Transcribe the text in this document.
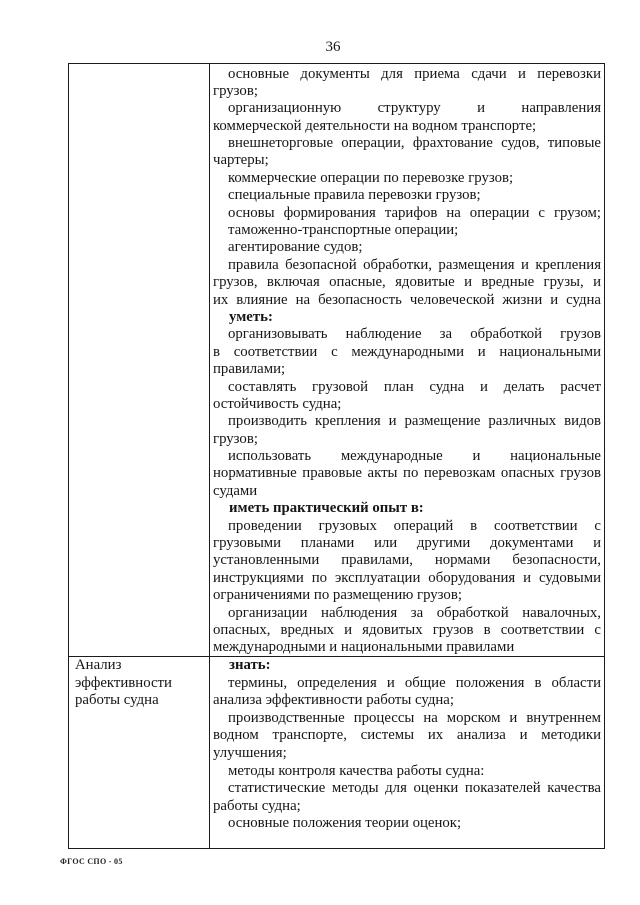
36
основные документы для приема сдачи и перевозки
грузов;
организационную структуру и направления
коммерческой деятельности на водном транспорте;
внешнеторговые операции, фрахтование судов, типовые
чартеры;
коммерческие операции по перевозке грузов;
специальные правила перевозки грузов;
основы формирования тарифов на операции с грузом;
таможенно-транспортные операции;
агентирование судов;
правила безопасной обработки, размещения и крепления
грузов, включая опасные, ядовитые и вредные грузы, и
их влияние на безопасность человеческой жизни и судна
уметь:
организовывать наблюдение за обработкой грузов
в соответствии с международными и национальными
правилами;
составлять грузовой план судна и делать расчет
остойчивость судна;
производить крепления и размещение различных видов
грузов;
использовать международные и национальные
нормативные правовые акты по перевозкам опасных грузов
судами
иметь практический опыт в:
проведении грузовых операций в соответствии с
грузовыми планами или другими документами и
установленными правилами, нормами безопасности,
инструкциями по эксплуатации оборудования и судовыми
ограничениями по размещению грузов;
организации наблюдения за обработкой навалочных,
опасных, вредных и ядовитых грузов в соответствии с
международными и национальными правилами
Анализ эффективности работы судна
знать:
термины, определения и общие положения в области
анализа эффективности работы судна;
производственные процессы на морском и внутреннем
водном транспорте, системы их анализа и методики
улучшения;
методы контроля качества работы судна:
статистические методы для оценки показателей качества
работы судна;
основные положения теории оценок;
ФГОС СПО - 05
